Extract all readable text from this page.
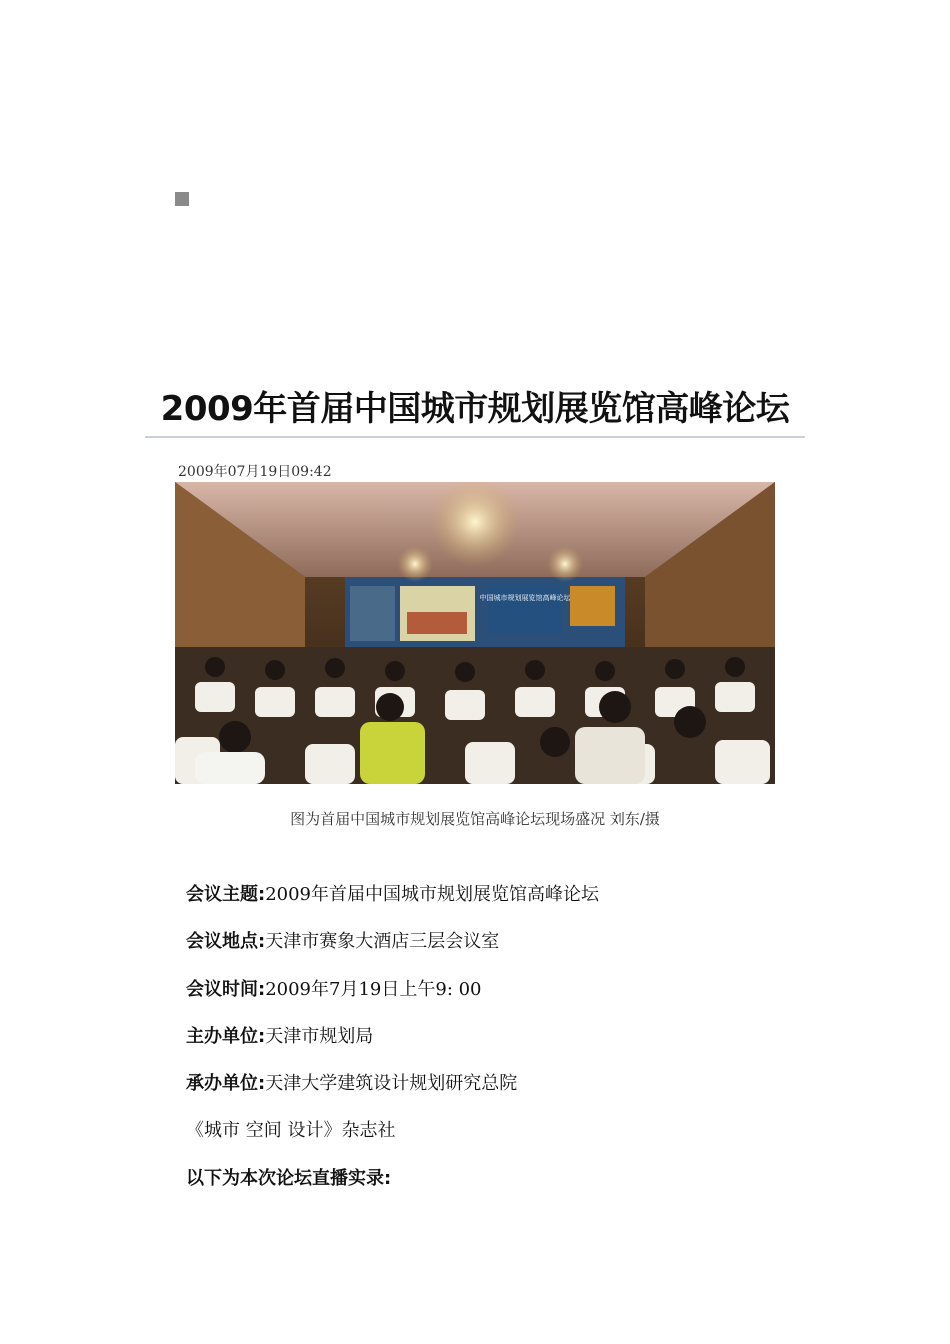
2009年首届中国城市规划展览馆高峰论坛
2009年07月19日09:42
中国城市规划展览馆高峰论坛
图为首届中国城市规划展览馆高峰论坛现场盛况 刘东/摄
会议主题:2009年首届中国城市规划展览馆高峰论坛
会议地点:天津市赛象大酒店三层会议室
会议时间:2009年7月19日上午9: 00
主办单位:天津市规划局
承办单位:天津大学建筑设计规划研究总院
《城市 空间 设计》杂志社
以下为本次论坛直播实录:
